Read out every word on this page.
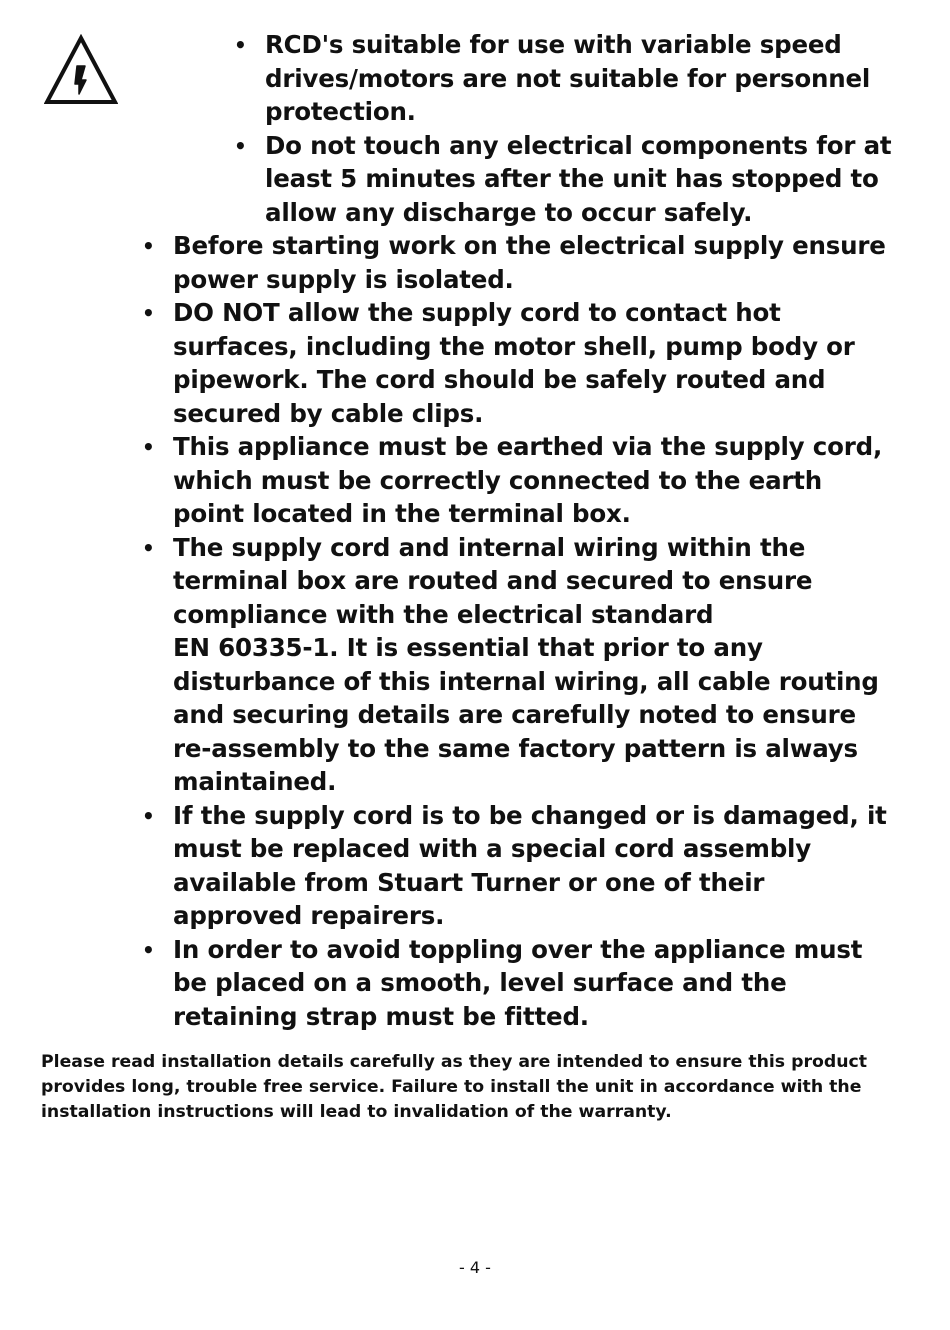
• RCD's suitable for use with variable speed drives/motors are not suitable for personnel protection.
• Do not touch any electrical components for at least 5 minutes after the unit has stopped to allow any discharge to occur safely.
• Before starting work on the electrical supply ensure power supply is isolated.
• DO NOT allow the supply cord to contact hot surfaces, including the motor shell, pump body or pipework. The cord should be safely routed and secured by cable clips.
• This appliance must be earthed via the supply cord, which must be correctly connected to the earth point located in the terminal box.
• The supply cord and internal wiring within the terminal box are routed and secured to ensure compliance with the electrical standard
EN 60335-1. It is essential that prior to any disturbance of this internal wiring, all cable routing and securing details are carefully noted to ensure re-assembly to the same factory pattern is always maintained.
• If the supply cord is to be changed or is damaged, it must be replaced with a special cord assembly available from Stuart Turner or one of their approved repairers.
• In order to avoid toppling over the appliance must be placed on a smooth, level surface and the retaining strap must be fitted.

Please read installation details carefully as they are intended to ensure this product provides long, trouble free service. Failure to install the unit in accordance with the installation instructions will lead to invalidation of the warranty.

- 4 -
